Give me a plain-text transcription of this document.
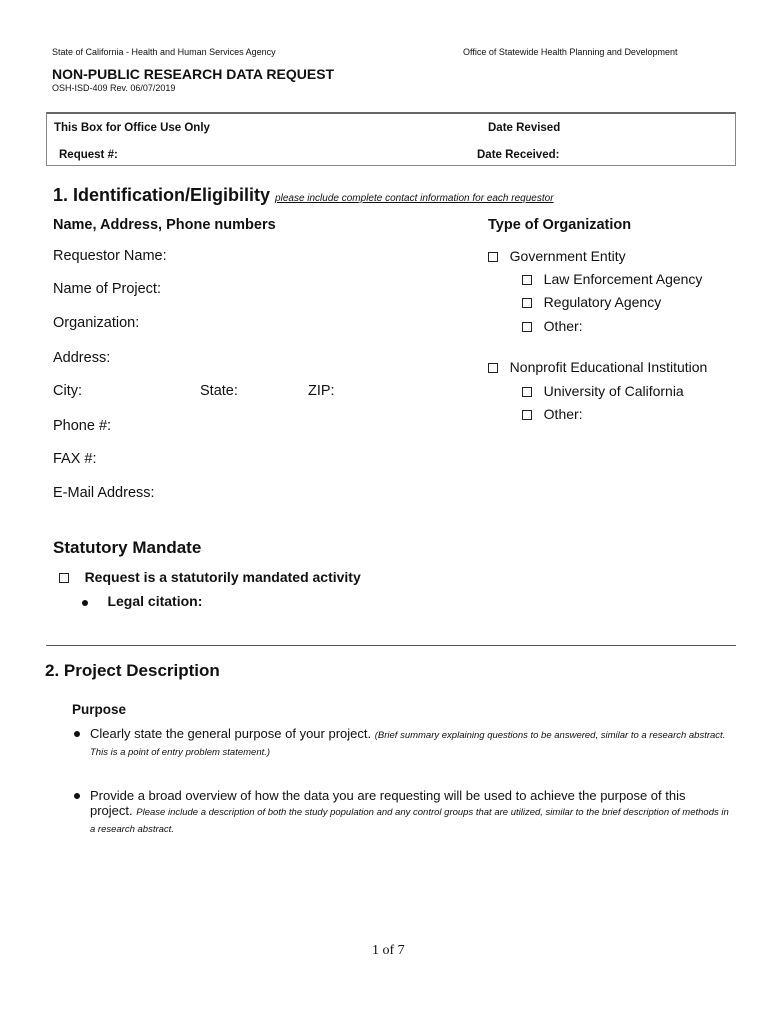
State of California - Health and Human Services Agency	Office of Statewide Health Planning and Development
NON-PUBLIC RESEARCH DATA REQUEST
OSH-ISD-409 Rev. 06/07/2019
This Box for Office Use Only	Date Revised
Request #:	Date Received:
1. Identification/Eligibility please include complete contact information for each requestor
Name, Address, Phone numbers	Type of Organization
Requestor Name:
Name of Project:
Organization:
Address:
City:	State:	ZIP:
Phone #:
FAX #:
E-Mail Address:
Government Entity
Law Enforcement Agency
Regulatory Agency
Other:
Nonprofit Educational Institution
University of California
Other:
Statutory Mandate
Request is a statutorily mandated activity
Legal citation:
2. Project Description
Purpose
Clearly state the general purpose of your project. (Brief summary explaining questions to be answered, similar to a research abstract. This is a point of entry problem statement.)
Provide a broad overview of how the data you are requesting will be used to achieve the purpose of this project. Please include a description of both the study population and any control groups that are utilized, similar to the brief description of methods in a research abstract.
1 of 7
